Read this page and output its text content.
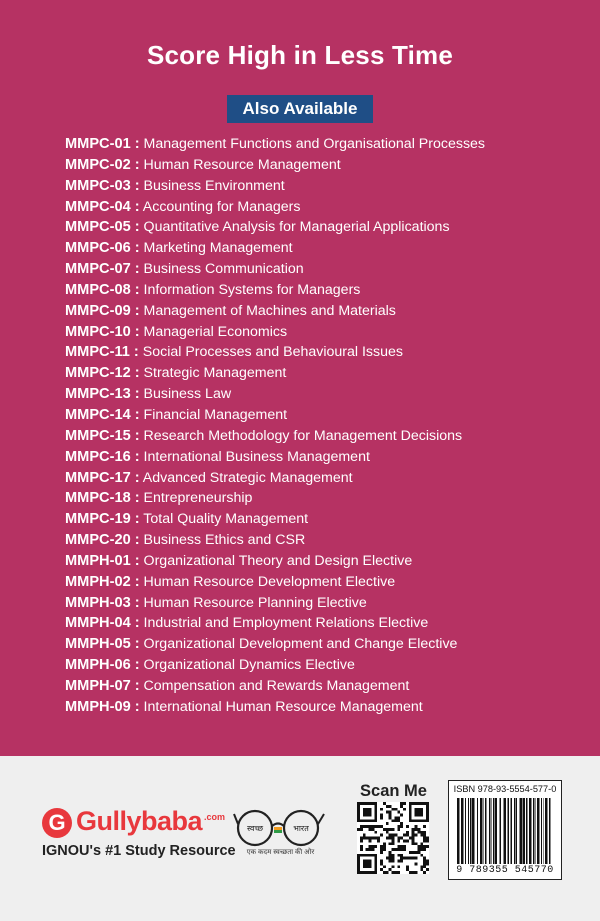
Score High in Less Time
Also Available
MMPC-01 : Management Functions and Organisational Processes
MMPC-02 : Human Resource Management
MMPC-03 : Business Environment
MMPC-04 : Accounting for Managers
MMPC-05 : Quantitative Analysis for Managerial Applications
MMPC-06 : Marketing Management
MMPC-07 : Business Communication
MMPC-08 : Information Systems for Managers
MMPC-09 : Management of Machines and Materials
MMPC-10 : Managerial Economics
MMPC-11 : Social Processes and Behavioural Issues
MMPC-12 : Strategic Management
MMPC-13 : Business Law
MMPC-14 : Financial Management
MMPC-15 : Research Methodology for Management Decisions
MMPC-16 : International Business Management
MMPC-17 : Advanced Strategic Management
MMPC-18 : Entrepreneurship
MMPC-19 : Total Quality Management
MMPC-20 : Business Ethics and CSR
MMPH-01 : Organizational Theory and Design Elective
MMPH-02 : Human Resource Development Elective
MMPH-03 : Human Resource Planning Elective
MMPH-04 : Industrial and Employment Relations Elective
MMPH-05 : Organizational Development and Change Elective
MMPH-06 : Organizational Dynamics Elective
MMPH-07 : Compensation and Rewards Management
MMPH-09 : International Human Resource Management
G Gullybaba .com
IGNOU's #1 Study Resource
स्वच्छ	भारत
एक कदम स्वच्छता की ओर
Scan Me	ISBN 978-93-5554-577-0
9 789355 545770
